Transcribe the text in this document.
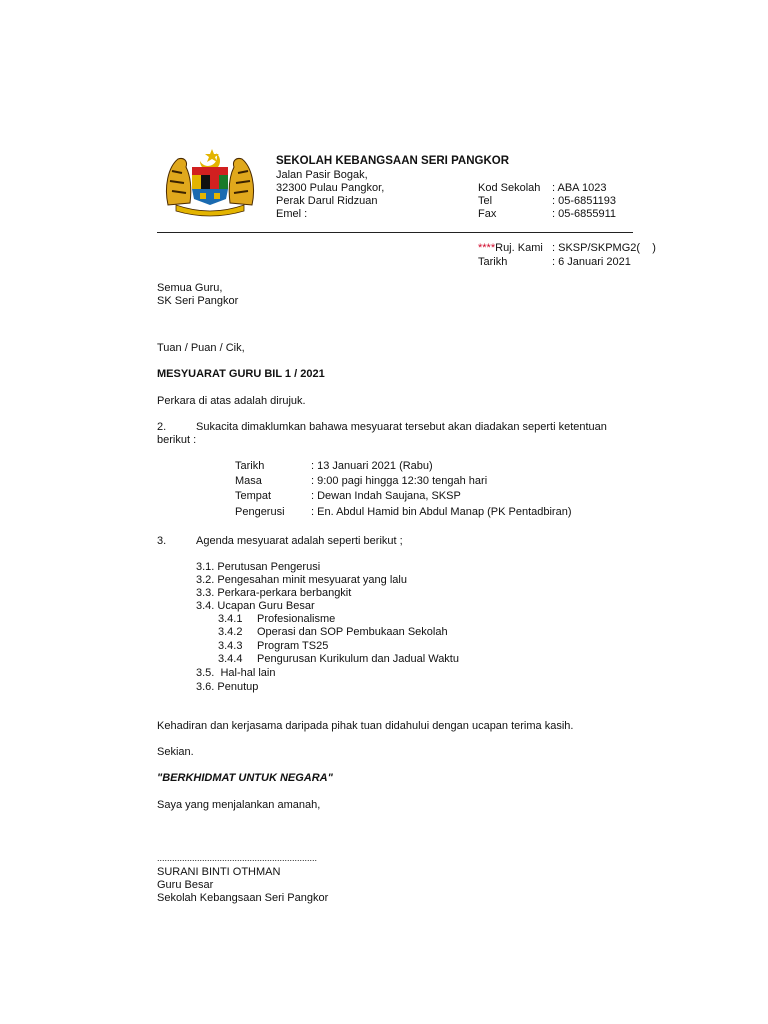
SEKOLAH KEBANGSAAN SERI PANGKOR
Jalan Pasir Bogak,
32300 Pulau Pangkor,
Perak Darul Ridzuan
Emel :
Kod Sekolah : ABA 1023
Tel	: 05-6851193
Fax	: 05-6855911
****Ruj. Kami : SKSP/SKPMG2(    )
Tarikh	: 6 Januari 2021
Semua Guru,
SK Seri Pangkor
Tuan / Puan / Cik,
MESYUARAT GURU BIL 1 / 2021
Perkara di atas adalah dirujuk.
2.	Sukacita dimaklumkan bahawa mesyuarat tersebut akan diadakan seperti ketentuan
berikut :
Tarikh	: 13 Januari 2021 (Rabu)
Masa	: 9:00 pagi hingga 12:30 tengah hari
Tempat	: Dewan Indah Saujana, SKSP
Pengerusi : En. Abdul Hamid bin Abdul Manap (PK Pentadbiran)
3.	Agenda mesyuarat adalah seperti berikut ;
3.1. Perutusan Pengerusi
3.2. Pengesahan minit mesyuarat yang lalu
3.3. Perkara-perkara berbangkit
3.4. Ucapan Guru Besar
3.4.1 Profesionalisme
3.4.2 Operasi dan SOP Pembukaan Sekolah
3.4.3 Program TS25
3.4.4 Pengurusan Kurikulum dan Jadual Waktu
3.5.  Hal-hal lain
3.6. Penutup
Kehadiran dan kerjasama daripada pihak tuan didahului dengan ucapan terima kasih.
Sekian.
"BERKHIDMAT UNTUK NEGARA"
Saya yang menjalankan amanah,
................................................................
SURANI BINTI OTHMAN
Guru Besar
Sekolah Kebangsaan Seri Pangkor
